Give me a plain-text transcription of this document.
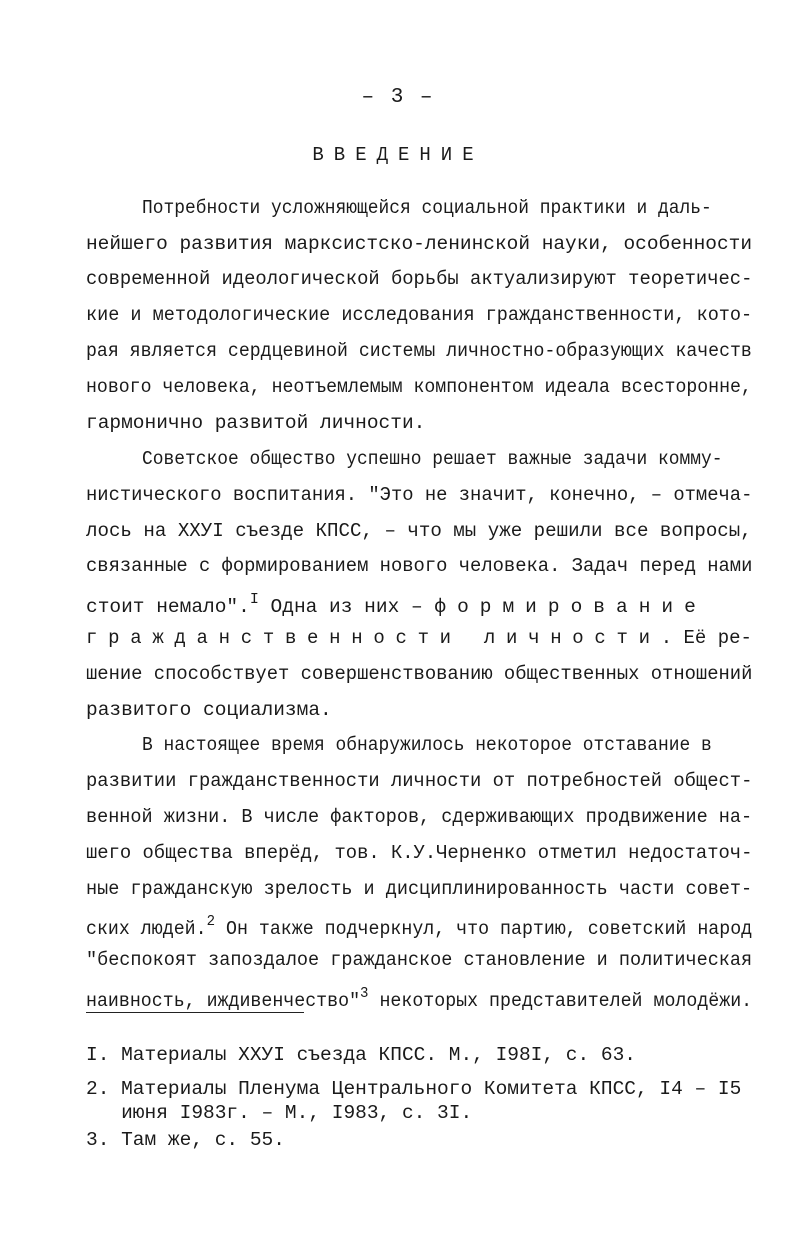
– 3 –
ВВЕДЕНИЕ
Потребности усложняющейся социальной практики и даль-
нейшего развития марксистско-ленинской науки, особенности
современной идеологической борьбы актуализируют теоретичес-
кие и методологические исследования гражданственности, кото-
рая является сердцевиной системы личностно-образующих качеств
нового человека, неотъемлемым компонентом идеала всесторонне,
гармонично развитой личности.
Советское общество успешно решает важные задачи комму-
нистического воспитания. "Это не значит, конечно, – отмеча-
лось на ХХУI съезде КПСС, – что мы уже решили все вопросы,
связанные с формированием нового человека. Задач перед нами
стоит немало".$^I$ Одна из них – формирование
гражданственности личности. Её ре-
шение способствует совершенствованию общественных отношений
развитого социализма.
В настоящее время обнаружилось некоторое отставание в
развитии гражданственности личности от потребностей общест-
венной жизни. В числе факторов, сдерживающих продвижение на-
шего общества вперёд, тов. К.У.Черненко отметил недостаточ-
ные гражданскую зрелость и дисциплинированность части совет-
ских людей.$^2$ Он также подчеркнул, что партию, советский народ
"беспокоят запоздалое гражданское становление и политическая
наивность, иждивенчество"$^3$ некоторых представителей молодёжи.
I. Материалы ХХУI съезда КПСС. М., I98I, с. 63.
2. Материалы Пленума Центрального Комитета КПСС, I4 – I5
июня I983г. – М., I983, с. 3I.
3. Там же, с. 55.
